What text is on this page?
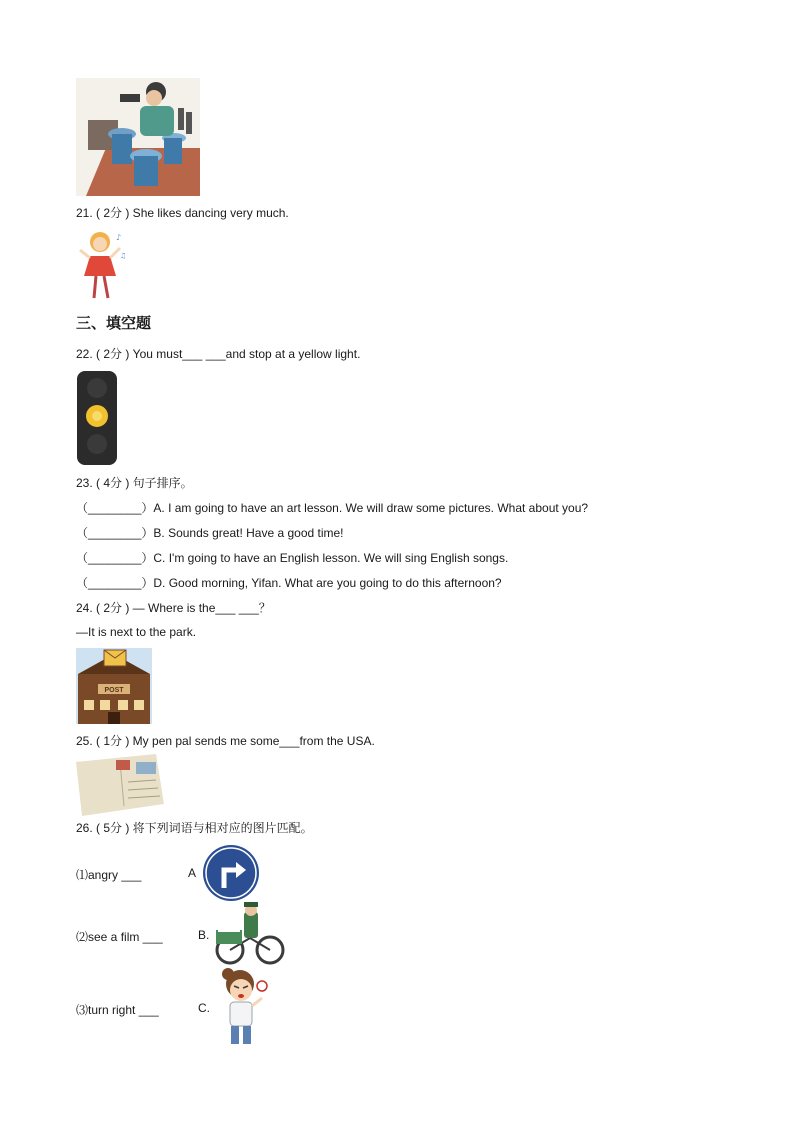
21. ( 2分 ) She likes dancing very much.
♪
♫
三、填空题
22. ( 2分 ) You must___ ___and stop at a yellow light.
23. ( 4分 ) 句子排序。
（________）A. I am going to have an art lesson. We will draw some pictures. What about you?
（________）B. Sounds great! Have a good time!
（________）C. I'm going to have an English lesson. We will sing English songs.
（________）D. Good morning, Yifan. What are you going to do this afternoon?
24. ( 2分 ) — Where is the___ ___？
—It is next to the park.
POST
25. ( 1分 ) My pen pal sends me some___from the USA.
26. ( 5分 ) 将下列词语与相对应的图片匹配。
⑴angry ___	A
⑵see a film ___	B.
⑶turn right ___	C.
